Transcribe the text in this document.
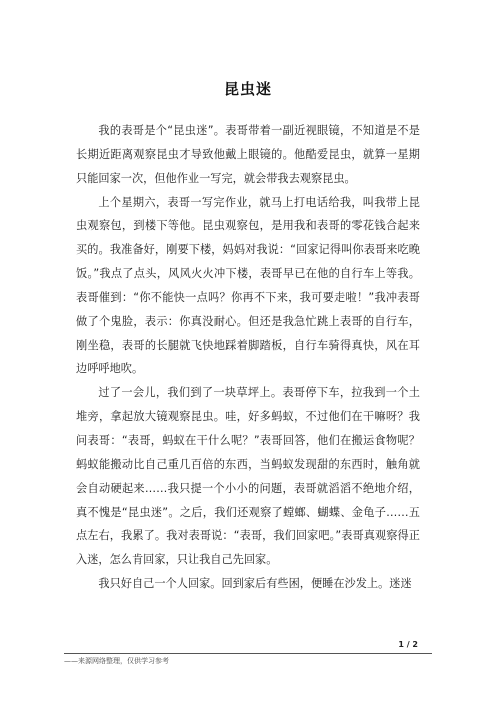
昆虫迷

我的表哥是个“昆虫迷”。表哥带着一副近视眼镜，不知道是不是长期近距离观察昆虫才导致他戴上眼镜的。他酷爱昆虫，就算一星期只能回家一次，但他作业一写完，就会带我去观察昆虫。

上个星期六，表哥一写完作业，就马上打电话给我，叫我带上昆虫观察包，到楼下等他。昆虫观察包，是用我和表哥的零花钱合起来买的。我准备好，刚要下楼，妈妈对我说：“回家记得叫你表哥来吃晚饭。”我点了点头，风风火火冲下楼，表哥早已在他的自行车上等我。表哥催到：“你不能快一点吗？你再不下来，我可要走啦！”我冲表哥做了个鬼脸，表示：你真没耐心。但还是我急忙跳上表哥的自行车，刚坐稳，表哥的长腿就飞快地踩着脚踏板，自行车骑得真快，风在耳边呼呼地吹。

过了一会儿，我们到了一块草坪上。表哥停下车，拉我到一个土堆旁，拿起放大镜观察昆虫。哇，好多蚂蚁，不过他们在干嘛呀？我问表哥：“表哥，蚂蚁在干什么呢？”表哥回答，他们在搬运食物呢？蚂蚁能搬动比自己重几百倍的东西，当蚂蚁发现甜的东西时，触角就会自动硬起来……我只提一个小小的问题，表哥就滔滔不绝地介绍，真不愧是“昆虫迷”。之后，我们还观察了螳螂、蝴蝶、金龟子……五点左右，我累了。我对表哥说：“表哥，我们回家吧。”表哥真观察得正入迷，怎么肯回家，只让我自己先回家。

我只好自己一个人回家。回到家后有些困，便睡在沙发上。迷迷

1 / 2
——来源网络整理，仅供学习参考
